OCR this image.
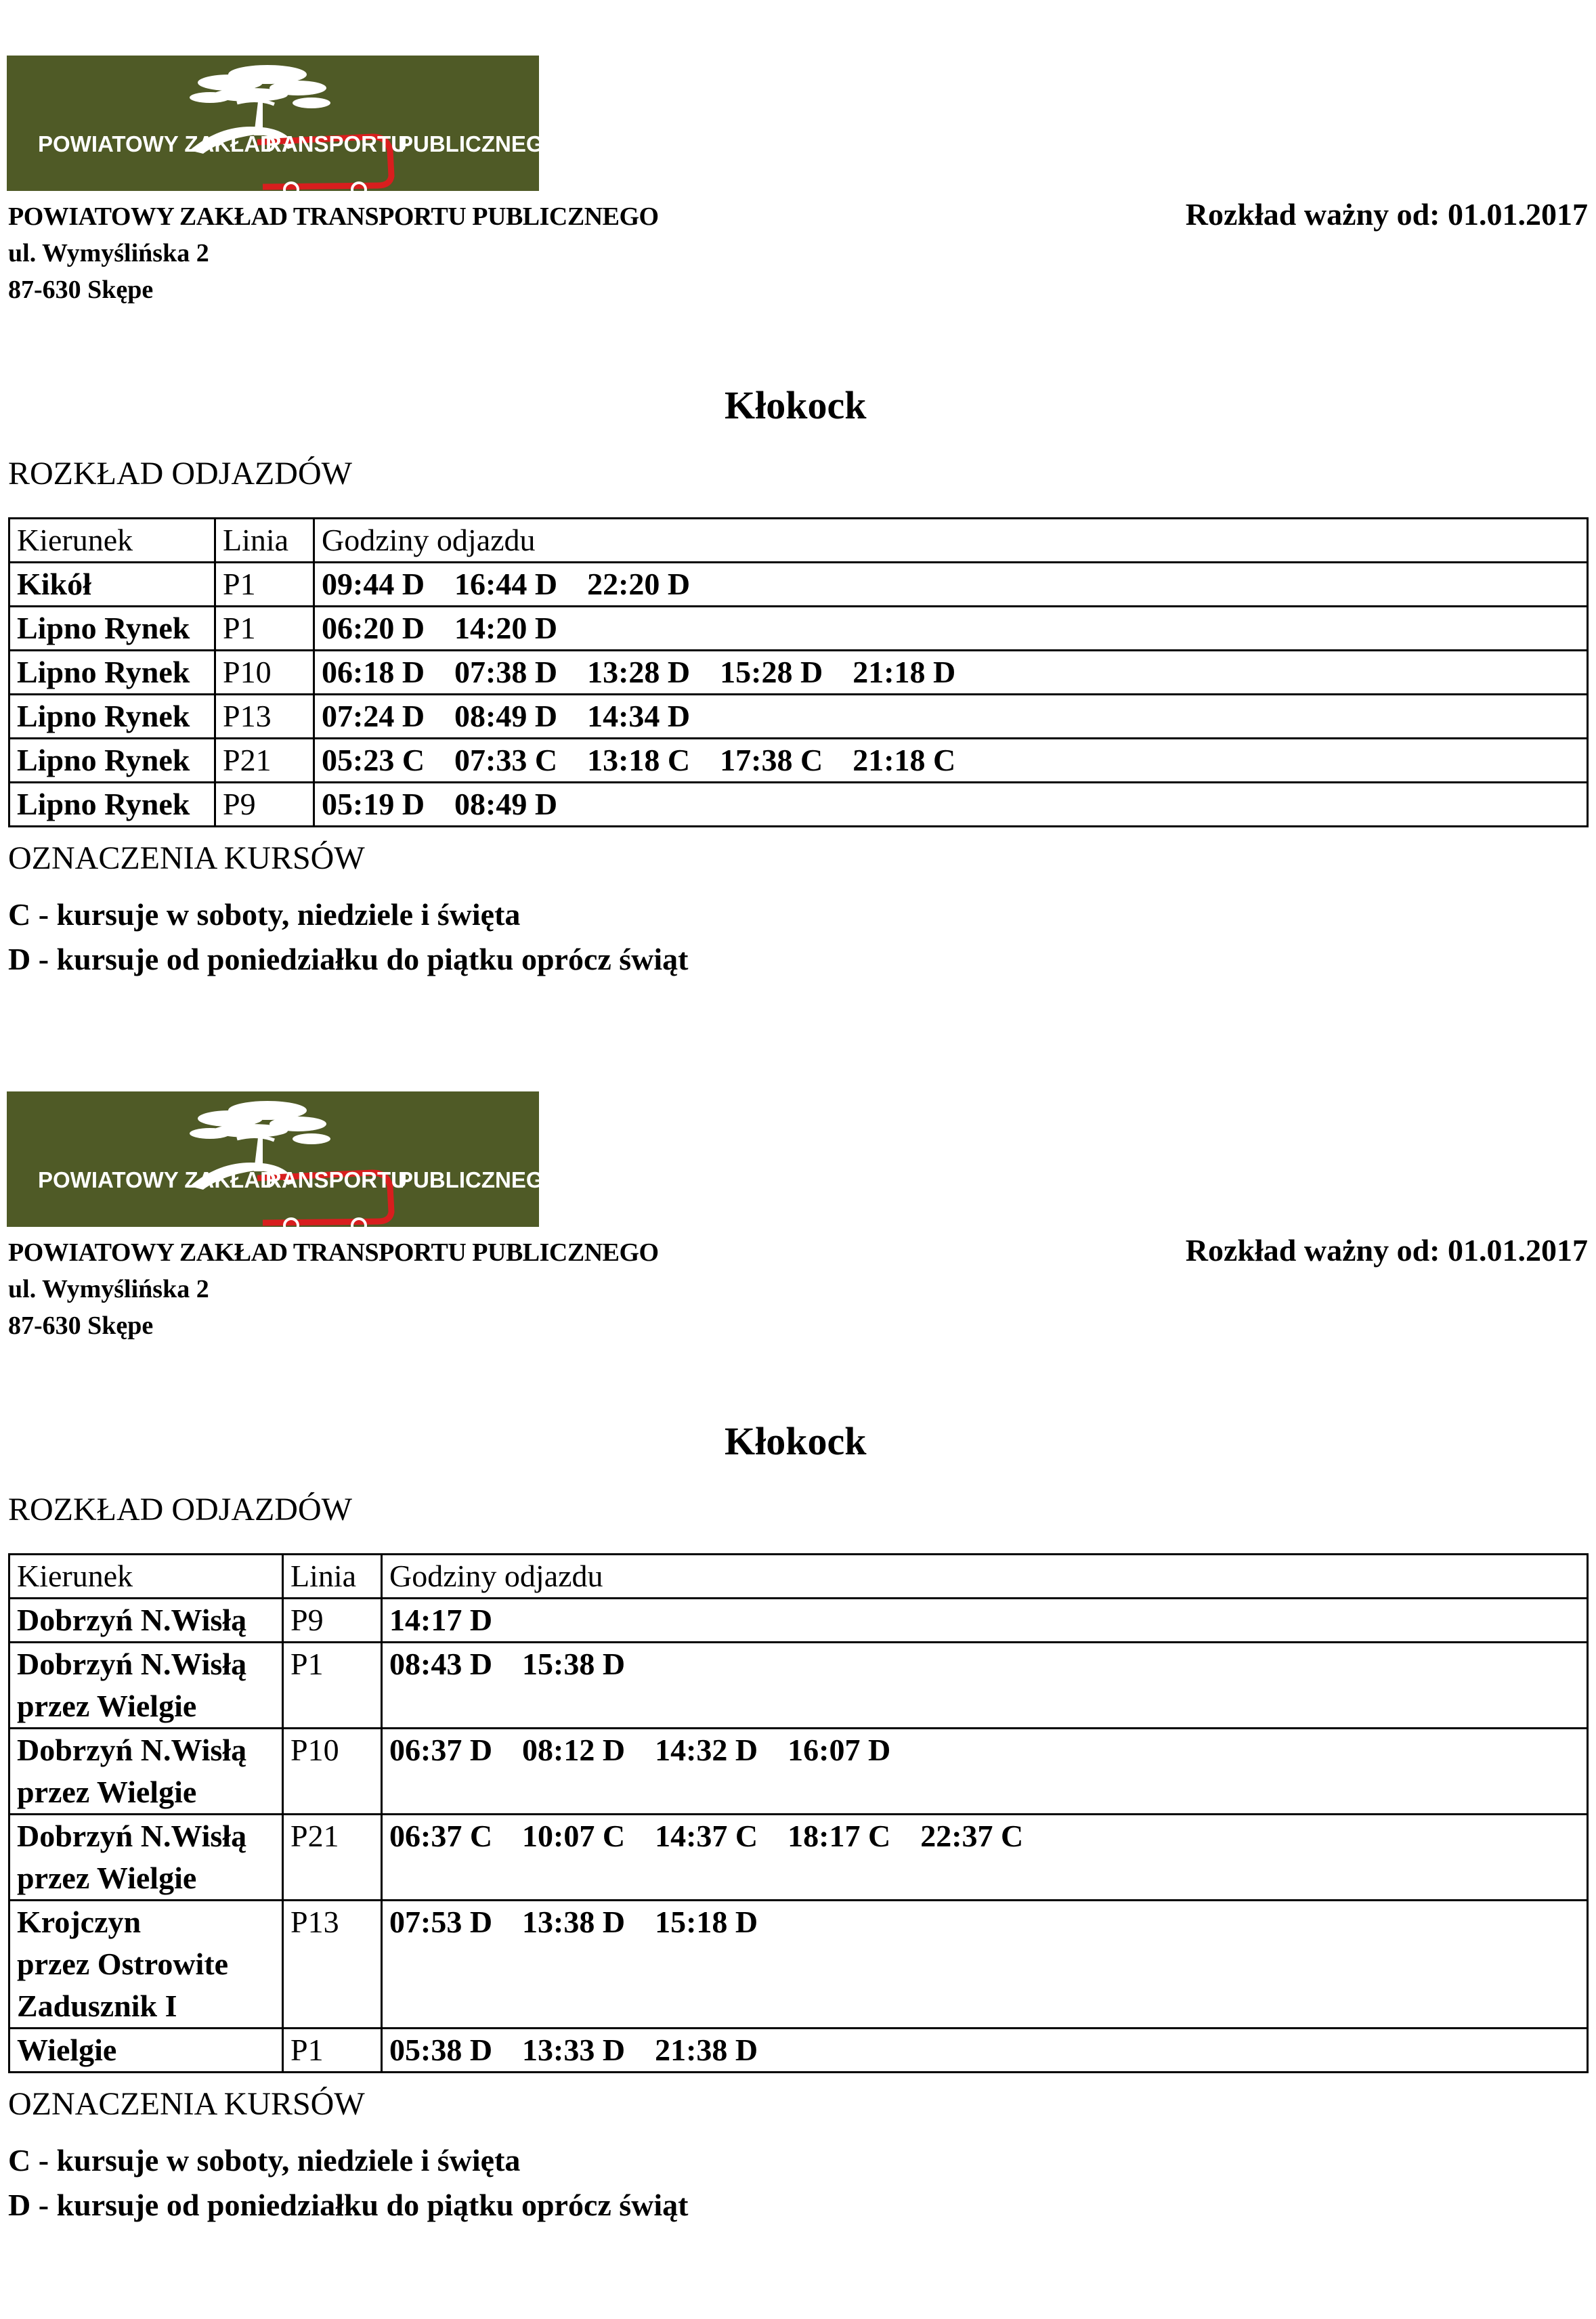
POWIATOWY ZAKŁAD
RANSPORTU
PUBLICZNEGO
POWIATOWY ZAKŁAD TRANSPORTU PUBLICZNEGO
ul. Wymyślińska 2
87-630 Skępe
Rozkład ważny od: 01.01.2017
Kłokock
ROZKŁAD ODJAZDÓW
Kierunek	Linia	Godziny odjazdu

Kikół	P1	09:44 D 16:44 D 22:20 D

Lipno Rynek	P1	06:20 D 14:20 D

Lipno Rynek	P10	06:18 D 07:38 D 13:28 D 15:28 D 21:18 D

Lipno Rynek	P13	07:24 D 08:49 D 14:34 D

Lipno Rynek	P21	05:23 C 07:33 C 13:18 C 17:38 C 21:18 C

Lipno Rynek	P9	05:19 D 08:49 D
OZNACZENIA KURSÓW
C - kursuje w soboty, niedziele i święta
D - kursuje od poniedziałku do piątku oprócz świąt
POWIATOWY ZAKŁAD
RANSPORTU
PUBLICZNEGO
POWIATOWY ZAKŁAD TRANSPORTU PUBLICZNEGO
ul. Wymyślińska 2
87-630 Skępe
Rozkład ważny od: 01.01.2017
Kłokock
ROZKŁAD ODJAZDÓW
Kierunek	Linia	Godziny odjazdu

Dobrzyń N.Wisłą	P9	14:17 D

Dobrzyń N.Wisłą
przez Wielgie	P1	08:43 D 15:38 D

Dobrzyń N.Wisłą
przez Wielgie	P10	06:37 D 08:12 D 14:32 D 16:07 D

Dobrzyń N.Wisłą
przez Wielgie	P21	06:37 C 10:07 C 14:37 C 18:17 C 22:37 C

Krojczyn
przez Ostrowite
Zadusznik I	P13	07:53 D 13:38 D 15:18 D

Wielgie	P1	05:38 D 13:33 D 21:38 D
OZNACZENIA KURSÓW
C - kursuje w soboty, niedziele i święta
D - kursuje od poniedziałku do piątku oprócz świąt
